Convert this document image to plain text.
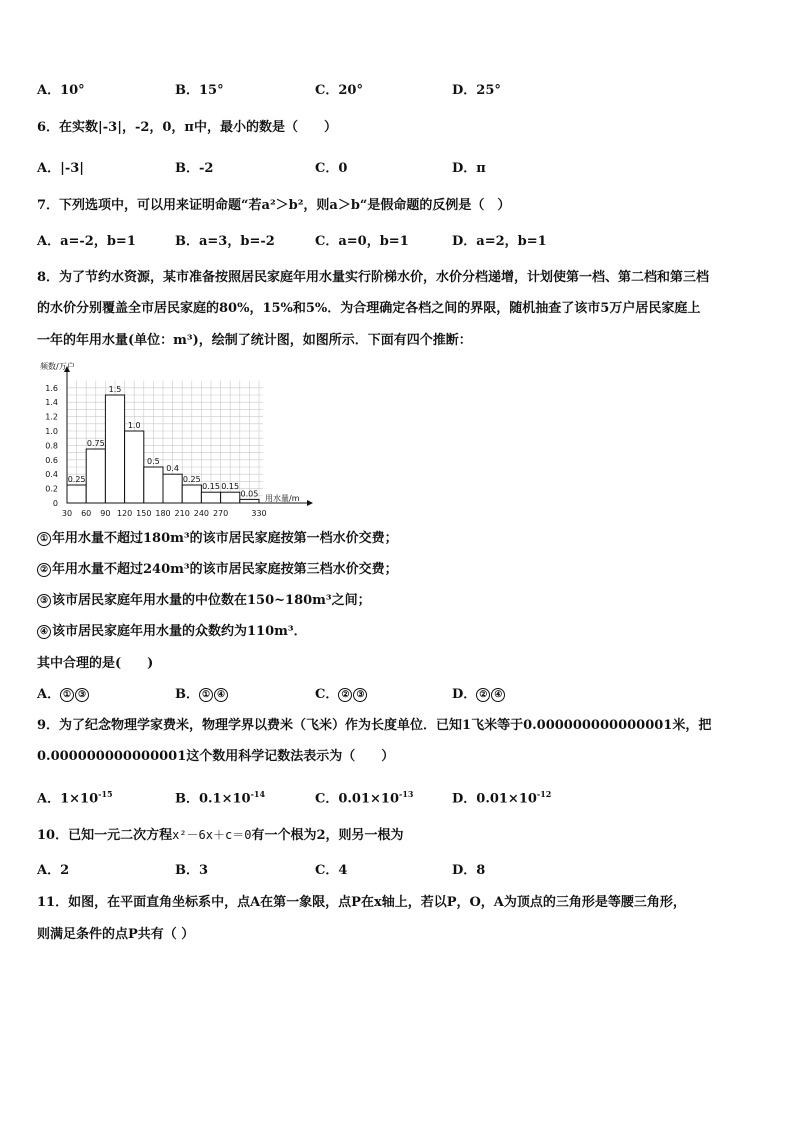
A．10°	B．15°	C．20°	D．25°
6．在实数|-3|，-2，0，π中，最小的数是（　　）
A．|-3|	B．-2	C．0	D．π
7．下列选项中，可以用来证明命题“若a²＞b²，则a＞b“是假命题的反例是（　）
A．a=-2，b=1	B．a=3，b=-2	C．a=0，b=1	D．a=2，b=1
8．为了节约水资源，某市准备按照居民家庭年用水量实行阶梯水价，水价分档递增，计划使第一档、第二档和第三档
的水价分别覆盖全市居民家庭的80%，15%和5%．为合理确定各档之间的界限，随机抽查了该市5万户居民家庭上
一年的年用水量(单位：m³)，绘制了统计图，如图所示．下面有四个推断：
0.25
0.75
1.5
1.0
0.5
0.4
0.25
0.15 0.15
0.05
0
0.2
0.4
0.6
0.8
1.0
1.2
1.4
1.6
30 60 90 120 150 180 210 240 270	330
频数/万户
用水量/m
① 年用水量不超过180m³的该市居民家庭按第一档水价交费；
② 年用水量不超过240m³的该市居民家庭按第三档水价交费；
③ 该市居民家庭年用水量的中位数在150~180m³之间；
④ 该市居民家庭年用水量的众数约为110m³．
其中合理的是(　　)
A． ① ③	B． ① ④	C． ② ③	D． ② ④
9．为了纪念物理学家费米，物理学界以费米（飞米）作为长度单位．已知1飞米等于0.000000000000001米，把
0.000000000000001这个数用科学记数法表示为（　　）
A．$1\times 10^{-15}$	B．$0.1\times 10^{-14}$	C．$0.01\times 10^{-13}$	D．$0.01\times 10^{-12}$
10．已知一元二次方程x²－6x＋c＝0有一个根为2，则另一根为
A．2	B．3	C．4	D．8
11．如图，在平面直角坐标系中，点A在第一象限，点P在x轴上，若以P，O，A为顶点的三角形是等腰三角形，
则满足条件的点P共有（ ）
